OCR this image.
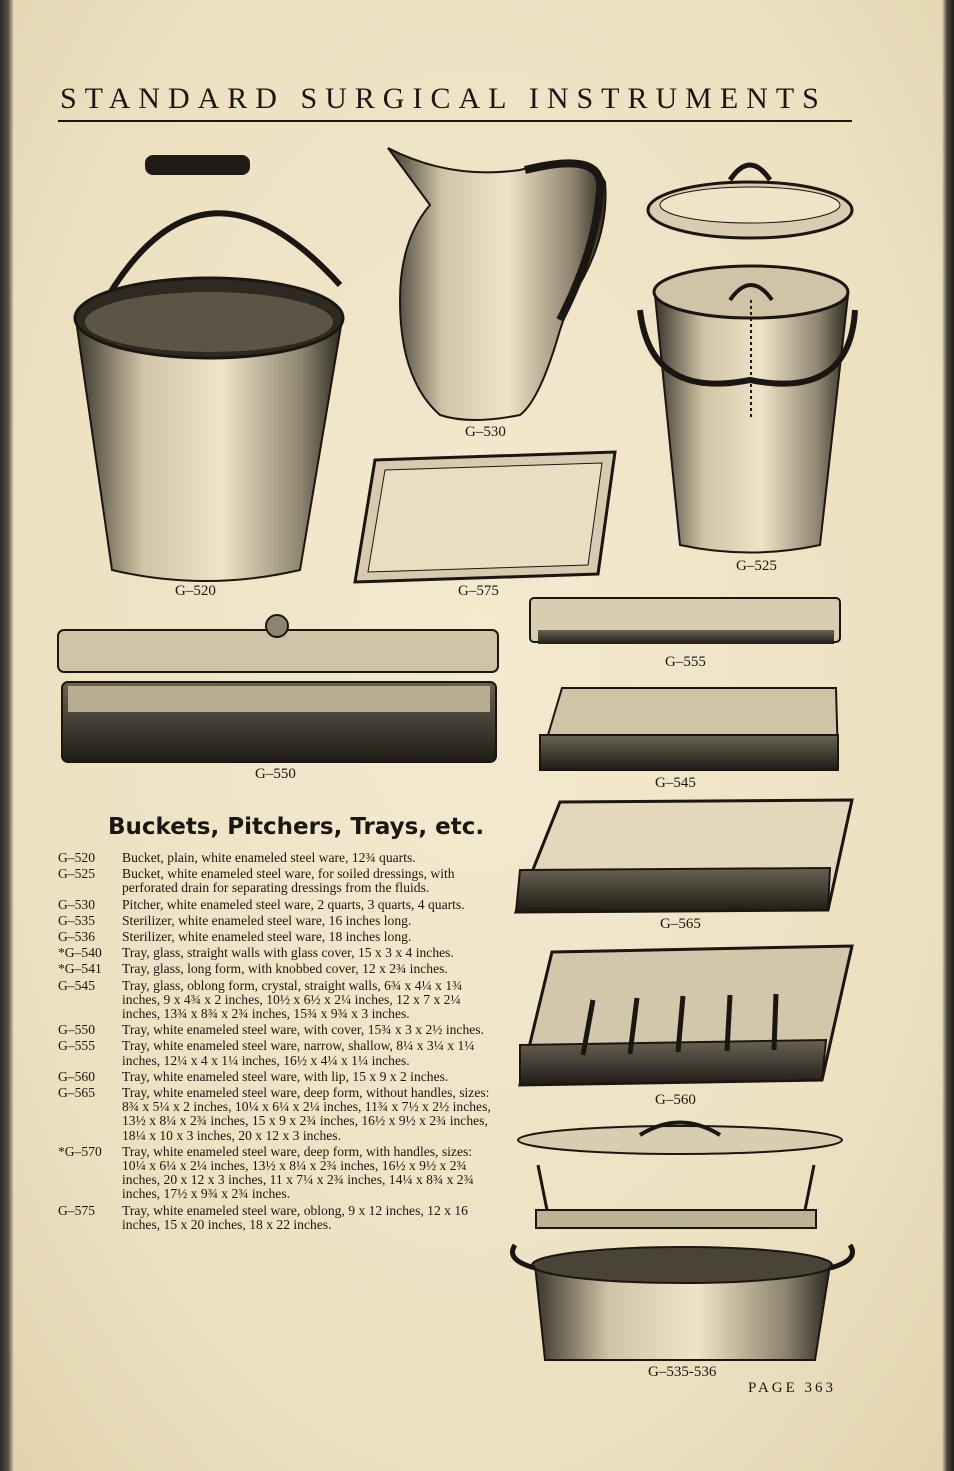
STANDARD SURGICAL INSTRUMENTS
G–520
G–530
G–575
G–525
G–555
G–550
G–545
G–565
G–560
G–535-536
Buckets, Pitchers, Trays, etc.
G–520	Bucket, plain, white enameled steel ware, 12¾ quarts.
G–525	Bucket, white enameled steel ware, for soiled dressings, with perforated drain for separating dressings from the fluids.
G–530	Pitcher, white enameled steel ware, 2 quarts, 3 quarts, 4 quarts.
G–535	Sterilizer, white enameled steel ware, 16 inches long.
G–536	Sterilizer, white enameled steel ware, 18 inches long.
*G–540	Tray, glass, straight walls with glass cover, 15 x 3 x 4 inches.
*G–541	Tray, glass, long form, with knobbed cover, 12 x 2¾ inches.
G–545	Tray, glass, oblong form, crystal, straight walls, 6¾ x 4¼ x 1¾ inches, 9 x 4¾ x 2 inches, 10½ x 6½ x 2¼ inches, 12 x 7 x 2¼ inches, 13¾ x 8¾ x 2¾ inches, 15¾ x 9¾ x 3 inches.
G–550	Tray, white enameled steel ware, with cover, 15¾ x 3 x 2½ inches.
G–555	Tray, white enameled steel ware, narrow, shallow, 8¼ x 3¼ x 1¼ inches, 12¼ x 4 x 1¼ inches, 16½ x 4¼ x 1¼ inches.
G–560	Tray, white enameled steel ware, with lip, 15 x 9 x 2 inches.
G–565	Tray, white enameled steel ware, deep form, without handles, sizes: 8¾ x 5¼ x 2 inches, 10¼ x 6¼ x 2¼ inches, 11¾ x 7½ x 2½ inches, 13½ x 8¼ x 2¾ inches, 15 x 9 x 2¾ inches, 16½ x 9½ x 2¾ inches, 18¼ x 10 x 3 inches, 20 x 12 x 3 inches.
*G–570	Tray, white enameled steel ware, deep form, with handles, sizes: 10¼ x 6¼ x 2¼ inches, 13½ x 8¼ x 2¾ inches, 16½ x 9½ x 2¾ inches, 20 x 12 x 3 inches, 11 x 7¼ x 2¾ inches, 14¼ x 8¾ x 2¾ inches, 17½ x 9¾ x 2¾ inches.
G–575	Tray, white enameled steel ware, oblong, 9 x 12 inches, 12 x 16 inches, 15 x 20 inches, 18 x 22 inches.
PAGE 363
